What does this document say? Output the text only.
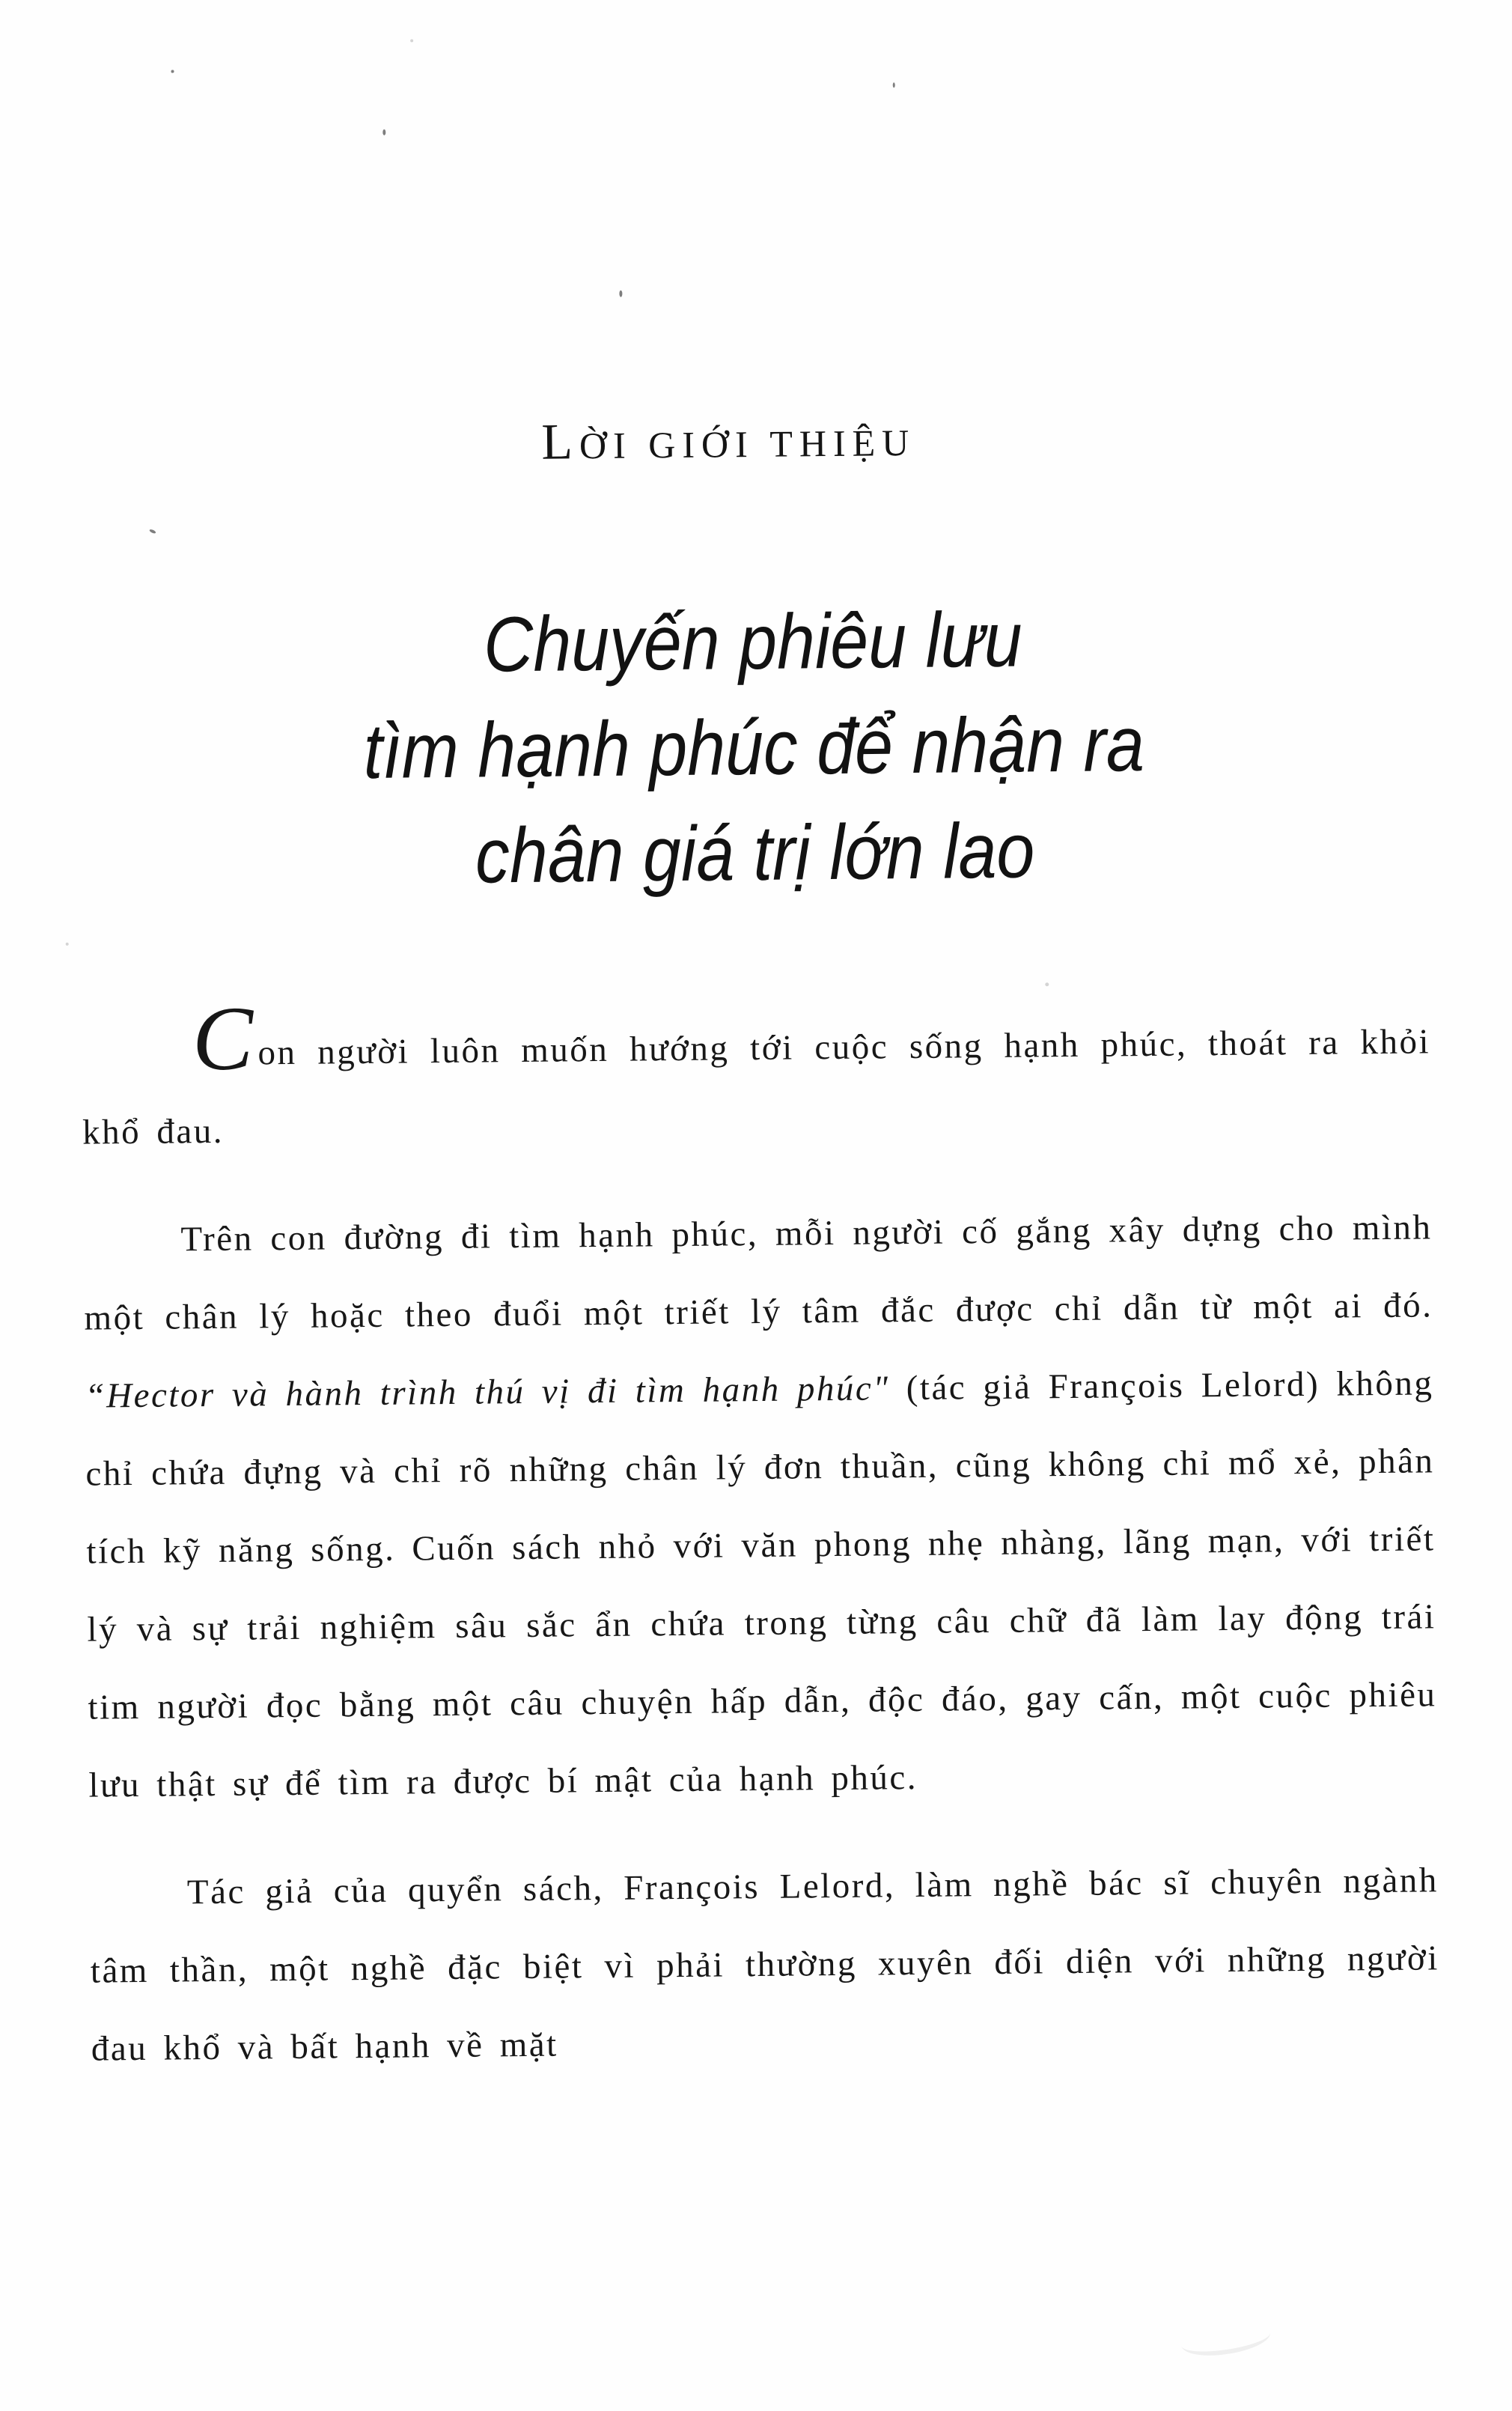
LỜI GIỚI THIỆU
Chuyến phiêu lưu
tìm hạnh phúc để nhận ra
chân giá trị lớn lao

Con người luôn muốn hướng tới cuộc sống hạnh phúc, thoát ra khỏi khổ đau.

Trên con đường đi tìm hạnh phúc, mỗi người cố gắng xây dựng cho mình một chân lý hoặc theo đuổi một triết lý tâm đắc được chỉ dẫn từ một ai đó. “Hector và hành trình thú vị đi tìm hạnh phúc" (tác giả François Lelord) không chỉ chứa đựng và chỉ rõ những chân lý đơn thuần, cũng không chỉ mổ xẻ, phân tích kỹ năng sống. Cuốn sách nhỏ với văn phong nhẹ nhàng, lãng mạn, với triết lý và sự trải nghiệm sâu sắc ẩn chứa trong từng câu chữ đã làm lay động trái tim người đọc bằng một câu chuyện hấp dẫn, độc đáo, gay cấn, một cuộc phiêu lưu thật sự để tìm ra được bí mật của hạnh phúc.

Tác giả của quyển sách, François Lelord, làm nghề bác sĩ chuyên ngành tâm thần, một nghề đặc biệt vì phải thường xuyên đối diện với những người đau khổ và bất hạnh về mặt
